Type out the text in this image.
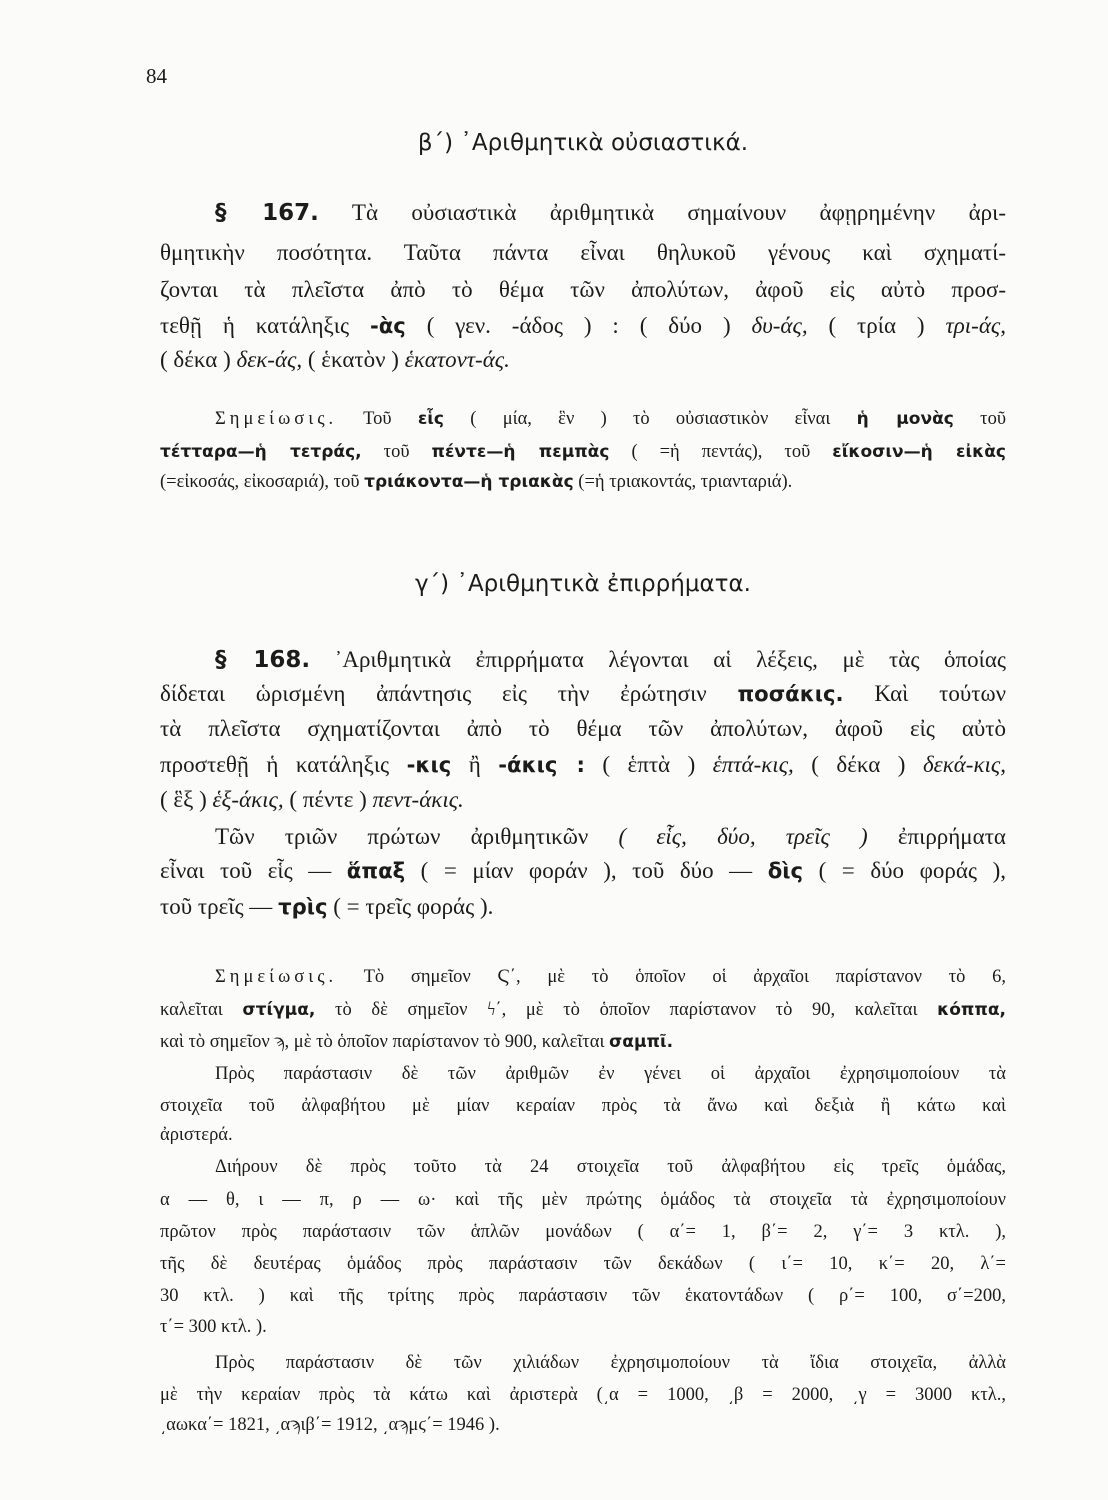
84
β΄) ᾿Αριθμητικὰ οὐσιαστικά.
§ 167. Τὰ οὐσιαστικὰ ἀριθμητικὰ σημαίνουν ἀφῃρημένην ἀρι-
θμητικὴν ποσότητα. Ταῦτα πάντα εἶναι θηλυκοῦ γένους καὶ σχηματί-
ζονται τὰ πλεῖστα ἀπὸ τὸ θέμα τῶν ἀπολύτων, ἀφοῦ εἰς αὐτὸ προσ-
τεθῇ ἡ κατάληξις -ὰς ( γεν. -άδος ) : ( δύο ) δυ-άς, ( τρία ) τρι-άς,
( δέκα ) δεκ-άς, ( ἑκατὸν ) ἑκατοντ-άς.
Σημείωσις. Τοῦ εἷς ( μία, ἓν ) τὸ οὐσιαστικὸν εἶναι ἡ μονὰς τοῦ
τέτταρα—ἡ τετράς, τοῦ πέντε—ἡ πεμπὰς ( =ἡ πεντάς), τοῦ εἴκοσιν—ἡ εἰκὰς
(=εἰκοσάς, εἰκοσαριά), τοῦ τριάκοντα—ἡ τριακὰς (=ἡ τριακοντάς, τριανταριά).
γ΄) ᾿Αριθμητικὰ ἐπιρρήματα.
§ 168. ᾿Αριθμητικὰ ἐπιρρήματα λέγονται αἱ λέξεις, μὲ τὰς ὁποίας
δίδεται ὡρισμένη ἀπάντησις εἰς τὴν ἐρώτησιν ποσάκις. Καὶ τούτων
τὰ πλεῖστα σχηματίζονται ἀπὸ τὸ θέμα τῶν ἀπολύτων, ἀφοῦ εἰς αὐτὸ
προστεθῇ ἡ κατάληξις -κις ἢ -άκις : ( ἑπτὰ ) ἑπτά-κις, ( δέκα ) δεκά-κις,
( ἓξ ) ἑξ-άκις, ( πέντε ) πεντ-άκις.
Τῶν τριῶν πρώτων ἀριθμητικῶν ( εἷς, δύο, τρεῖς ) ἐπιρρήματα
εἶναι τοῦ εἷς — ἅπαξ ( = μίαν φοράν ), τοῦ δύο — δὶς ( = δύο φοράς ),
τοῦ τρεῖς — τρὶς ( = τρεῖς φοράς ).
Σημείωσις. Τὸ σημεῖον Ϛ΄, μὲ τὸ ὁποῖον οἱ ἀρχαῖοι παρίστανον τὸ 6,
καλεῖται στίγμα, τὸ δὲ σημεῖον ϟ΄, μὲ τὸ ὁποῖον παρίστανον τὸ 90, καλεῖται κόππα,
καὶ τὸ σημεῖον ϡ, μὲ τὸ ὁποῖον παρίστανον τὸ 900, καλεῖται σαμπῖ.
Πρὸς παράστασιν δὲ τῶν ἀριθμῶν ἐν γένει οἱ ἀρχαῖοι ἐχρησιμοποίουν τὰ
στοιχεῖα τοῦ ἀλφαβήτου μὲ μίαν κεραίαν πρὸς τὰ ἄνω καὶ δεξιὰ ἢ κάτω καὶ
ἀριστερά.
Διήρουν δὲ πρὸς τοῦτο τὰ 24 στοιχεῖα τοῦ ἀλφαβήτου εἰς τρεῖς ὁμάδας,
α — θ, ι — π, ρ — ω· καὶ τῆς μὲν πρώτης ὁμάδος τὰ στοιχεῖα τὰ ἐχρησιμοποίουν
πρῶτον πρὸς παράστασιν τῶν ἁπλῶν μονάδων ( α΄= 1, β΄= 2, γ΄= 3 κτλ. ),
τῆς δὲ δευτέρας ὁμάδος πρὸς παράστασιν τῶν δεκάδων ( ι΄= 10, κ΄= 20, λ΄=
30 κτλ. ) καὶ τῆς τρίτης πρὸς παράστασιν τῶν ἑκατοντάδων ( ρ΄= 100, σ΄=200,
τ΄= 300 κτλ. ).
Πρὸς παράστασιν δὲ τῶν χιλιάδων ἐχρησιμοποίουν τὰ ἴδια στοιχεῖα, ἀλλὰ
μὲ τὴν κεραίαν πρὸς τὰ κάτω καὶ ἀριστερὰ (͵α = 1000, ͵β = 2000, ͵γ = 3000 κτλ.,
͵αωκα΄= 1821, ͵αϡιβ΄= 1912, ͵αϡμϛ΄= 1946 ).
